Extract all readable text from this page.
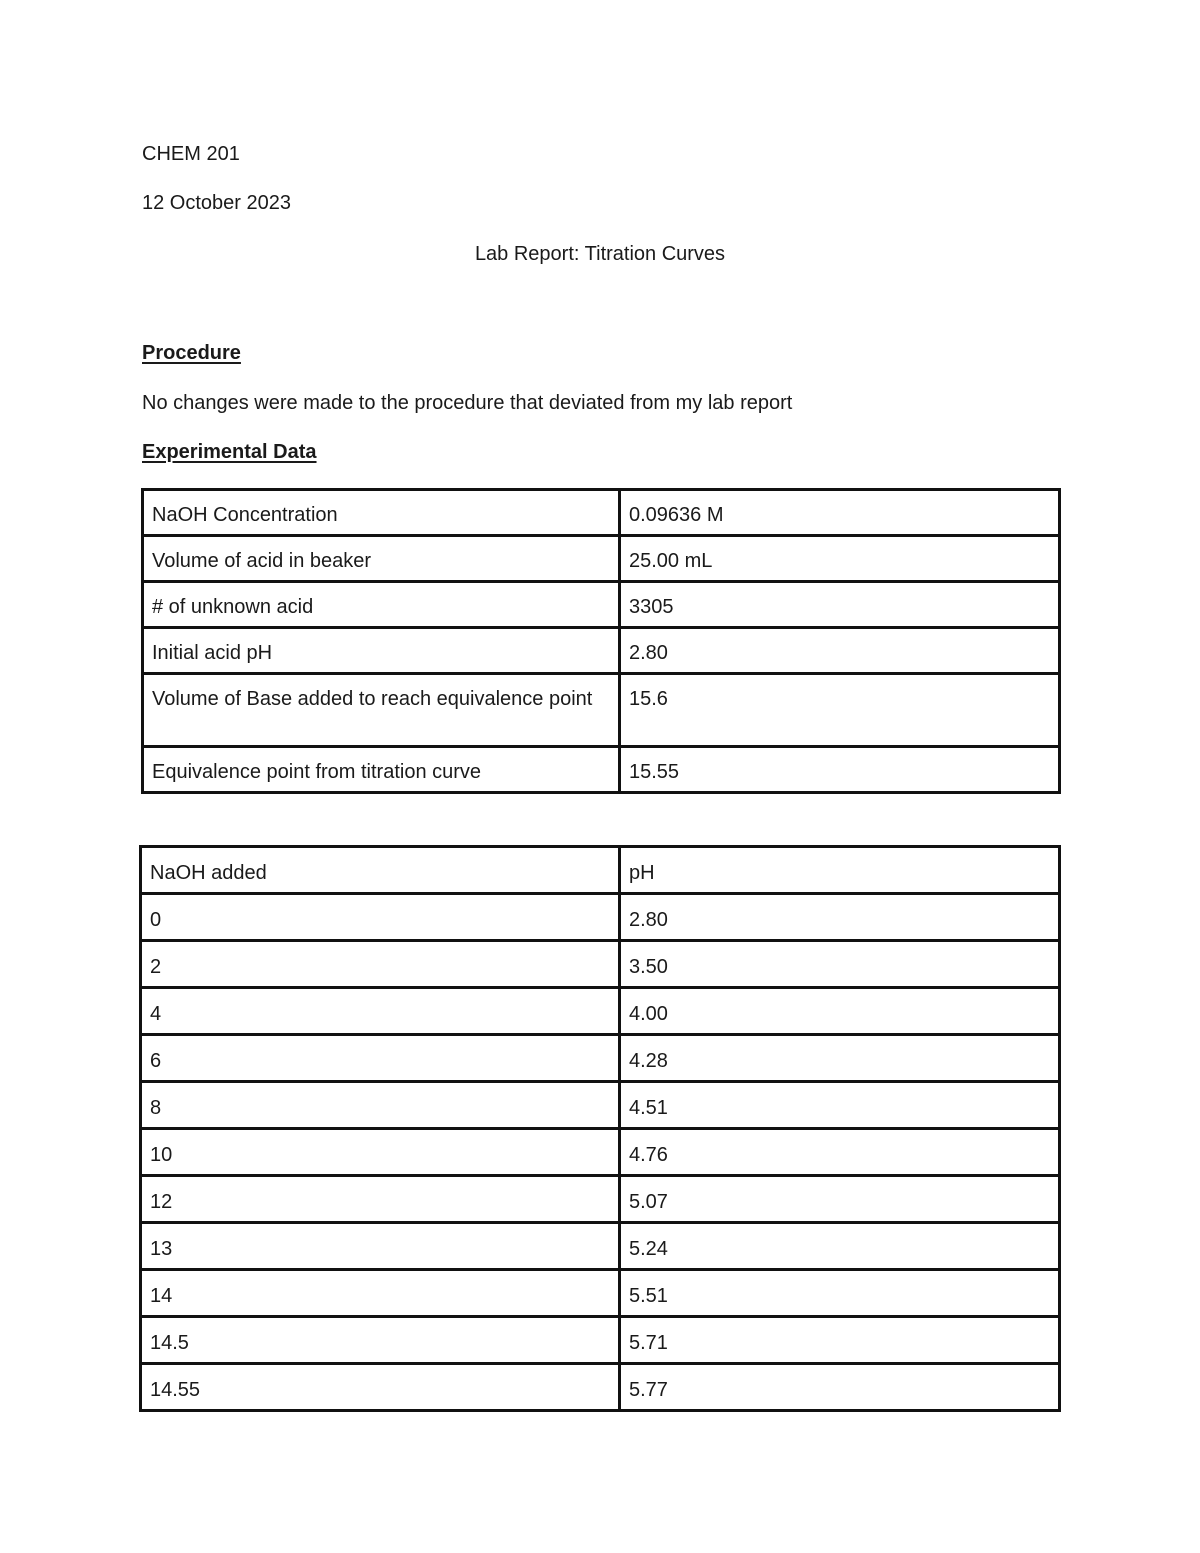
CHEM 201
12 October 2023
Lab Report: Titration Curves
Procedure
No changes were made to the procedure that deviated from my lab report
Experimental Data
NaOH Concentration	0.09636 M
Volume of acid in beaker	25.00 mL
# of unknown acid	3305
Initial acid pH	2.80
Volume of Base added to reach equivalence point	15.6
Equivalence point from titration curve	15.55
NaOH added	pH
0	2.80
2	3.50
4	4.00
6	4.28
8	4.51
10	4.76
12	5.07
13	5.24
14	5.51
14.5	5.71
14.55	5.77
